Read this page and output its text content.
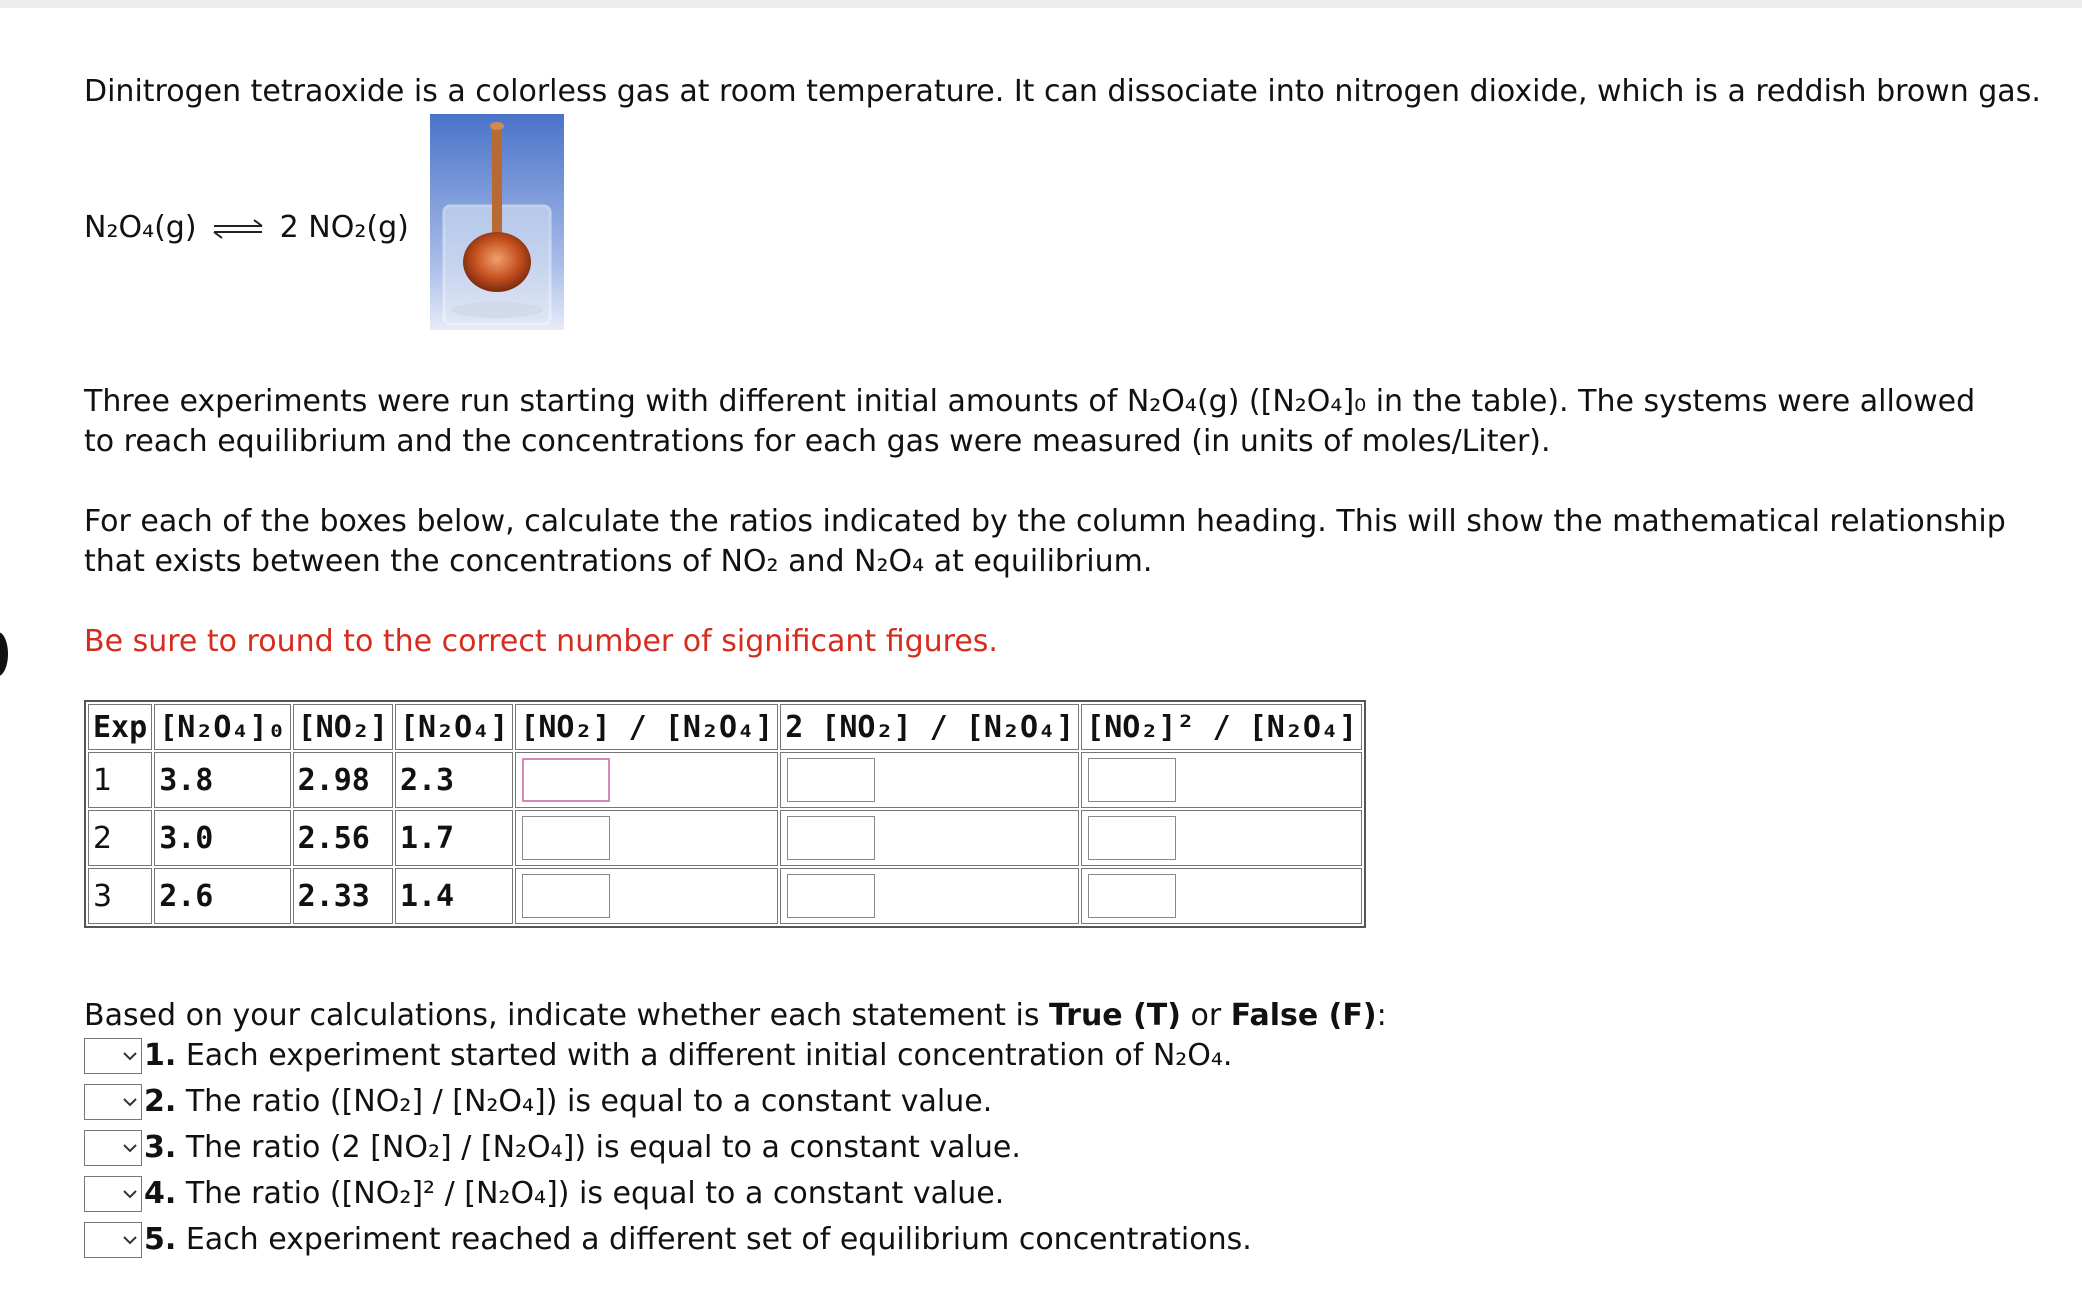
Dinitrogen tetraoxide is a colorless gas at room temperature. It can dissociate into nitrogen dioxide, which is a reddish brown gas.

N₂O₄(g) ⇌ 2 NO₂(g)

Three experiments were run starting with different initial amounts of N₂O₄(g) ([N₂O₄]₀ in the table). The systems were allowed to reach equilibrium and the concentrations for each gas were measured (in units of moles/Liter).

For each of the boxes below, calculate the ratios indicated by the column heading. This will show the mathematical relationship that exists between the concentrations of NO₂ and N₂O₄ at equilibrium.

Be sure to round to the correct number of significant figures.

Exp	[N₂O₄]₀	[NO₂]	[N₂O₄]	[NO₂] / [N₂O₄]	2 [NO₂] / [N₂O₄]	[NO₂]² / [N₂O₄]
1	3.8	2.98	2.3	

2	3.0	2.56	1.7	

3	2.6	2.33	1.4	

Based on your calculations, indicate whether each statement is True (T) or False (F):
1.
Each experiment started with a different initial concentration of N₂O₄.
2.
The ratio ([NO₂] / [N₂O₄]) is equal to a constant value.
3.
The ratio (2 [NO₂] / [N₂O₄]) is equal to a constant value.
4.
The ratio ([NO₂]² / [N₂O₄]) is equal to a constant value.
5.
Each experiment reached a different set of equilibrium concentrations.
